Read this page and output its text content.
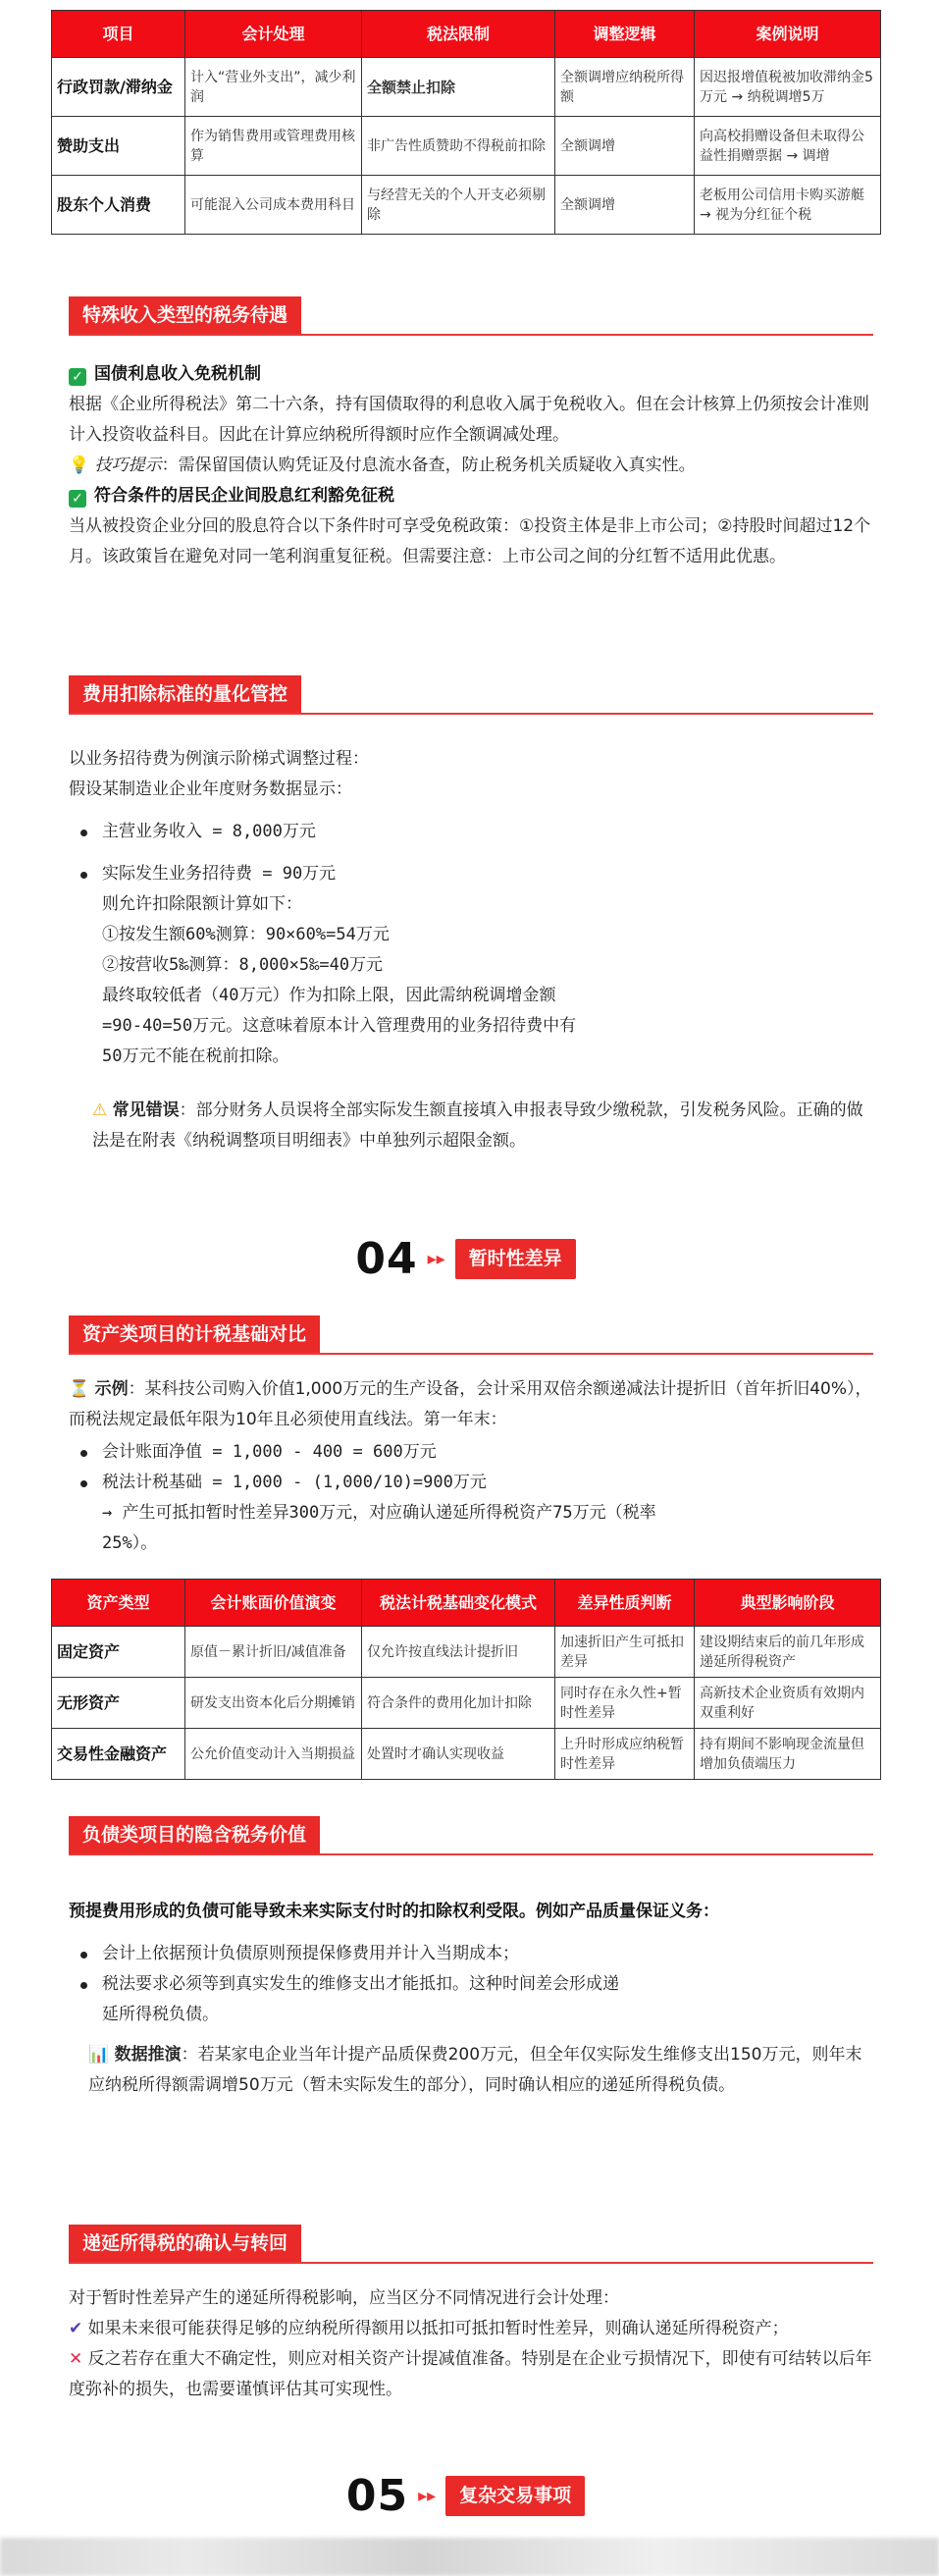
项目	会计处理	税法限制	调整逻辑	案例说明
行政罚款/滞纳金	计入“营业外支出”，减少利润	全额禁止扣除	全额调增应纳税所得额	因迟报增值税被加收滞纳金5万元 → 纳税调增5万
赞助支出	作为销售费用或管理费用核算	非广告性质赞助不得税前扣除	全额调增	向高校捐赠设备但未取得公益性捐赠票据 → 调增
股东个人消费	可能混入公司成本费用科目	与经营无关的个人开支必须剔除	全额调增	老板用公司信用卡购买游艇 → 视为分红征个税
特殊收入类型的税务待遇
✓ 国债利息收入免税机制
根据《企业所得税法》第二十六条，持有国债取得的利息收入属于免税收入。但在会计核算上仍须按会计准则计入投资收益科目。因此在计算应纳税所得额时应作全额调减处理。
💡 技巧提示：需保留国债认购凭证及付息流水备查，防止税务机关质疑收入真实性。
✓ 符合条件的居民企业间股息红利豁免征税
当从被投资企业分回的股息符合以下条件时可享受免税政策：①投资主体是非上市公司；②持股时间超过12个月。该政策旨在避免对同一笔利润重复征税。但需要注意：上市公司之间的分红暂不适用此优惠。
费用扣除标准的量化管控
以业务招待费为例演示阶梯式调整过程：
假设某制造业企业年度财务数据显示：
主营业务收入 = 8,000万元
实际发生业务招待费 = 90万元
则允许扣除限额计算如下：
①按发生额60%测算：90×60%=54万元
②按营收5‰测算：8,000×5‰=40万元
最终取较低者（40万元）作为扣除上限，因此需纳税调增金额
=90-40=50万元。这意味着原本计入管理费用的业务招待费中有
50万元不能在税前扣除。
⚠ 常见错误：部分财务人员误将全部实际发生额直接填入申报表导致少缴税款，引发税务风险。正确的做法是在附表《纳税调整项目明细表》中单独列示超限金额。
04 ▸▸ 暂时性差异
资产类项目的计税基础对比
⏳ 示例：某科技公司购入价值1,000万元的生产设备，会计采用双倍余额递减法计提折旧（首年折旧40%），而税法规定最低年限为10年且必须使用直线法。第一年末：
会计账面净值 = 1,000 - 400 = 600万元
税法计税基础 = 1,000 - (1,000/10)=900万元
→ 产生可抵扣暂时性差异300万元，对应确认递延所得税资产75万元（税率
25%）。
资产类型	会计账面价值演变	税法计税基础变化模式	差异性质判断	典型影响阶段
固定资产	原值－累计折旧/减值准备	仅允许按直线法计提折旧	加速折旧产生可抵扣差异	建设期结束后的前几年形成递延所得税资产
无形资产	研发支出资本化后分期摊销	符合条件的费用化加计扣除	同时存在永久性+暂时性差异	高新技术企业资质有效期内双重利好
交易性金融资产	公允价值变动计入当期损益	处置时才确认实现收益	上升时形成应纳税暂时性差异	持有期间不影响现金流量但增加负债端压力
负债类项目的隐含税务价值
预提费用形成的负债可能导致未来实际支付时的扣除权利受限。例如产品质量保证义务：
会计上依据预计负债原则预提保修费用并计入当期成本；
税法要求必须等到真实发生的维修支出才能抵扣。这种时间差会形成递
延所得税负债。
📊 数据推演：若某家电企业当年计提产品质保费200万元，但全年仅实际发生维修支出150万元，则年末应纳税所得额需调增50万元（暂未实际发生的部分），同时确认相应的递延所得税负债。
递延所得税的确认与转回
对于暂时性差异产生的递延所得税影响，应当区分不同情况进行会计处理：
✔ 如果未来很可能获得足够的应纳税所得额用以抵扣可抵扣暂时性差异，则确认递延所得税资产；
✕ 反之若存在重大不确定性，则应对相关资产计提减值准备。特别是在企业亏损情况下，即使有可结转以后年度弥补的损失，也需要谨慎评估其可实现性。
05 ▸▸ 复杂交易事项
